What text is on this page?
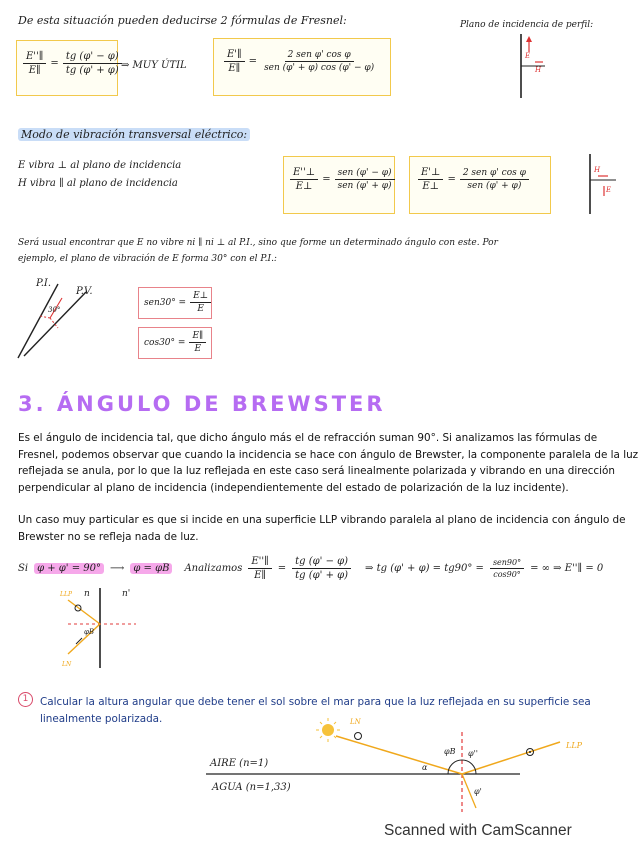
De esta situación pueden deducirse 2 fórmulas de Fresnel:	Plano de incidencia de perfil:
E
H
$\frac{E''\parallel}{E\parallel} = \frac{tg (\varphi' - \varphi)}{tg (\varphi' + \varphi)}$ ⇒ MUY ÚTIL	$\frac{E'\parallel}{E\parallel} = \frac{\text{2 sen φ' cos φ}}{\text{sen (φ' + φ) cos (φ' − φ)}}$
Modo de vibración transversal eléctrico:
E vibra ⊥ al plano de incidencia
H vibra ∥ al plano de incidencia	$\frac{E''\perp}{E\perp} = \frac{\text{sen (φ' − φ)}}{\text{sen (φ' + φ)}} \frac{E'\perp}{E\perp} = \frac{\text{2 sen φ' cos φ}}{\text{sen (φ' + φ)}}$	H
E
Será usual encontrar que E no vibre ni ∥ ni ⊥ al P.I., sino que forme un determinado ángulo con este. Por
ejemplo, el plano de vibración de E forma 30° con el P.I.:
P.I.
P.V.
30°
$sen30^\circ = \frac{E\perp}{E}$
$\cos 30^\circ = \frac{E\parallel}{E}$
3. ÁNGULO DE BREWSTER
Es el ángulo de incidencia tal, que dicho ángulo más el de refracción suman 90°. Si analizamos las fórmulas de
Fresnel, podemos observar que cuando la incidencia se hace con ángulo de Brewster, la componente paralela de la luz
reflejada se anula, por lo que la luz reflejada en este caso será linealmente polarizada y vibrando en una dirección
perpendicular al plano de incidencia (independientemente del estado de polarización de la luz incidente).
Un caso muy particular es que si incide en una superficie LLP vibrando paralela al plano de incidencia con ángulo de
Brewster no se refleja nada de luz.
Si φ + φ' = 90° ⟶ φ = φB	Analizamos $\frac{E''\parallel}{E\parallel} = \frac{tg (\varphi' - \varphi)}{tg (\varphi' + \varphi)}$ ⇒ tg $(\varphi' + \varphi) = tg90^\circ = \frac{\text{sen90°}}{\cos 90^\circ}$ = ∞ ⇒ E''∥ = 0
LLP n	n'
φB
LN
1	Calcular la altura angular que debe tener el sol sobre el mar para que la luz reflejada en su superficie sea
linealmente polarizada.	LN
AIRE (n=1)
AGUA (n=1,33)
φB φ''
φ'
α
LLP
Scanned with CamScanner
